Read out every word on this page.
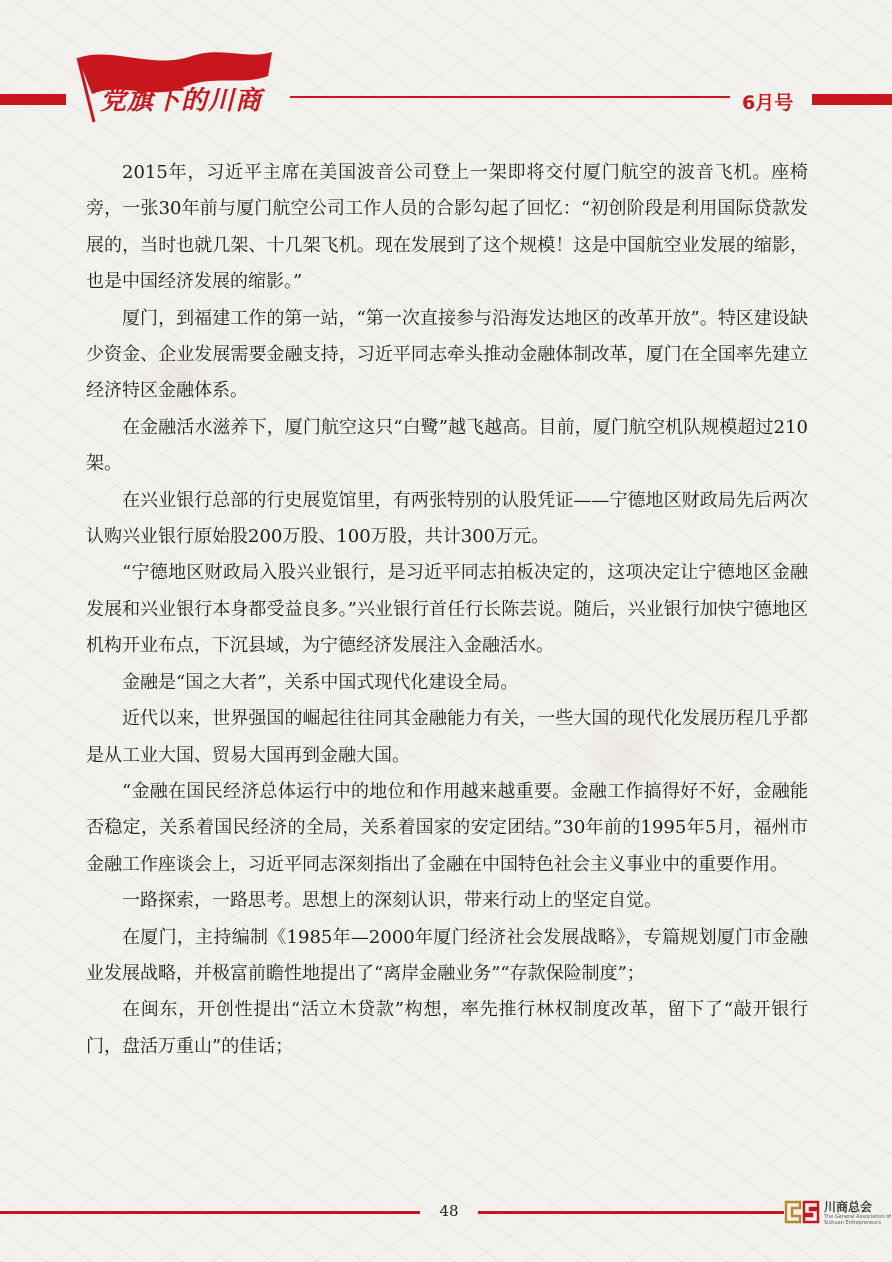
党旗下的川商	6月号

2015年，习近平主席在美国波音公司登上一架即将交付厦门航空的波音飞机。座椅旁，一张30年前与厦门航空公司工作人员的合影勾起了回忆：“初创阶段是利用国际贷款发展的，当时也就几架、十几架飞机。现在发展到了这个规模！这是中国航空业发展的缩影，也是中国经济发展的缩影。”

厦门，到福建工作的第一站，“第一次直接参与沿海发达地区的改革开放”。特区建设缺少资金、企业发展需要金融支持，习近平同志牵头推动金融体制改革，厦门在全国率先建立经济特区金融体系。

在金融活水滋养下，厦门航空这只“白鹭”越飞越高。目前，厦门航空机队规模超过210架。

在兴业银行总部的行史展览馆里，有两张特别的认股凭证——宁德地区财政局先后两次认购兴业银行原始股200万股、100万股，共计300万元。

“宁德地区财政局入股兴业银行，是习近平同志拍板决定的，这项决定让宁德地区金融发展和兴业银行本身都受益良多。”兴业银行首任行长陈芸说。随后，兴业银行加快宁德地区机构开业布点，下沉县域，为宁德经济发展注入金融活水。

金融是“国之大者”，关系中国式现代化建设全局。

近代以来，世界强国的崛起往往同其金融能力有关，一些大国的现代化发展历程几乎都是从工业大国、贸易大国再到金融大国。

“金融在国民经济总体运行中的地位和作用越来越重要。金融工作搞得好不好，金融能否稳定，关系着国民经济的全局，关系着国家的安定团结。”30年前的1995年5月，福州市金融工作座谈会上，习近平同志深刻指出了金融在中国特色社会主义事业中的重要作用。

一路探索，一路思考。思想上的深刻认识，带来行动上的坚定自觉。

在厦门，主持编制《1985年—2000年厦门经济社会发展战略》，专篇规划厦门市金融业发展战略，并极富前瞻性地提出了“离岸金融业务”“存款保险制度”；

在闽东，开创性提出“活立木贷款”构想，率先推行林权制度改革，留下了“敲开银行门，盘活万重山”的佳话；

48	川商总会
The General Association of Sichuan Entrepreneurs
